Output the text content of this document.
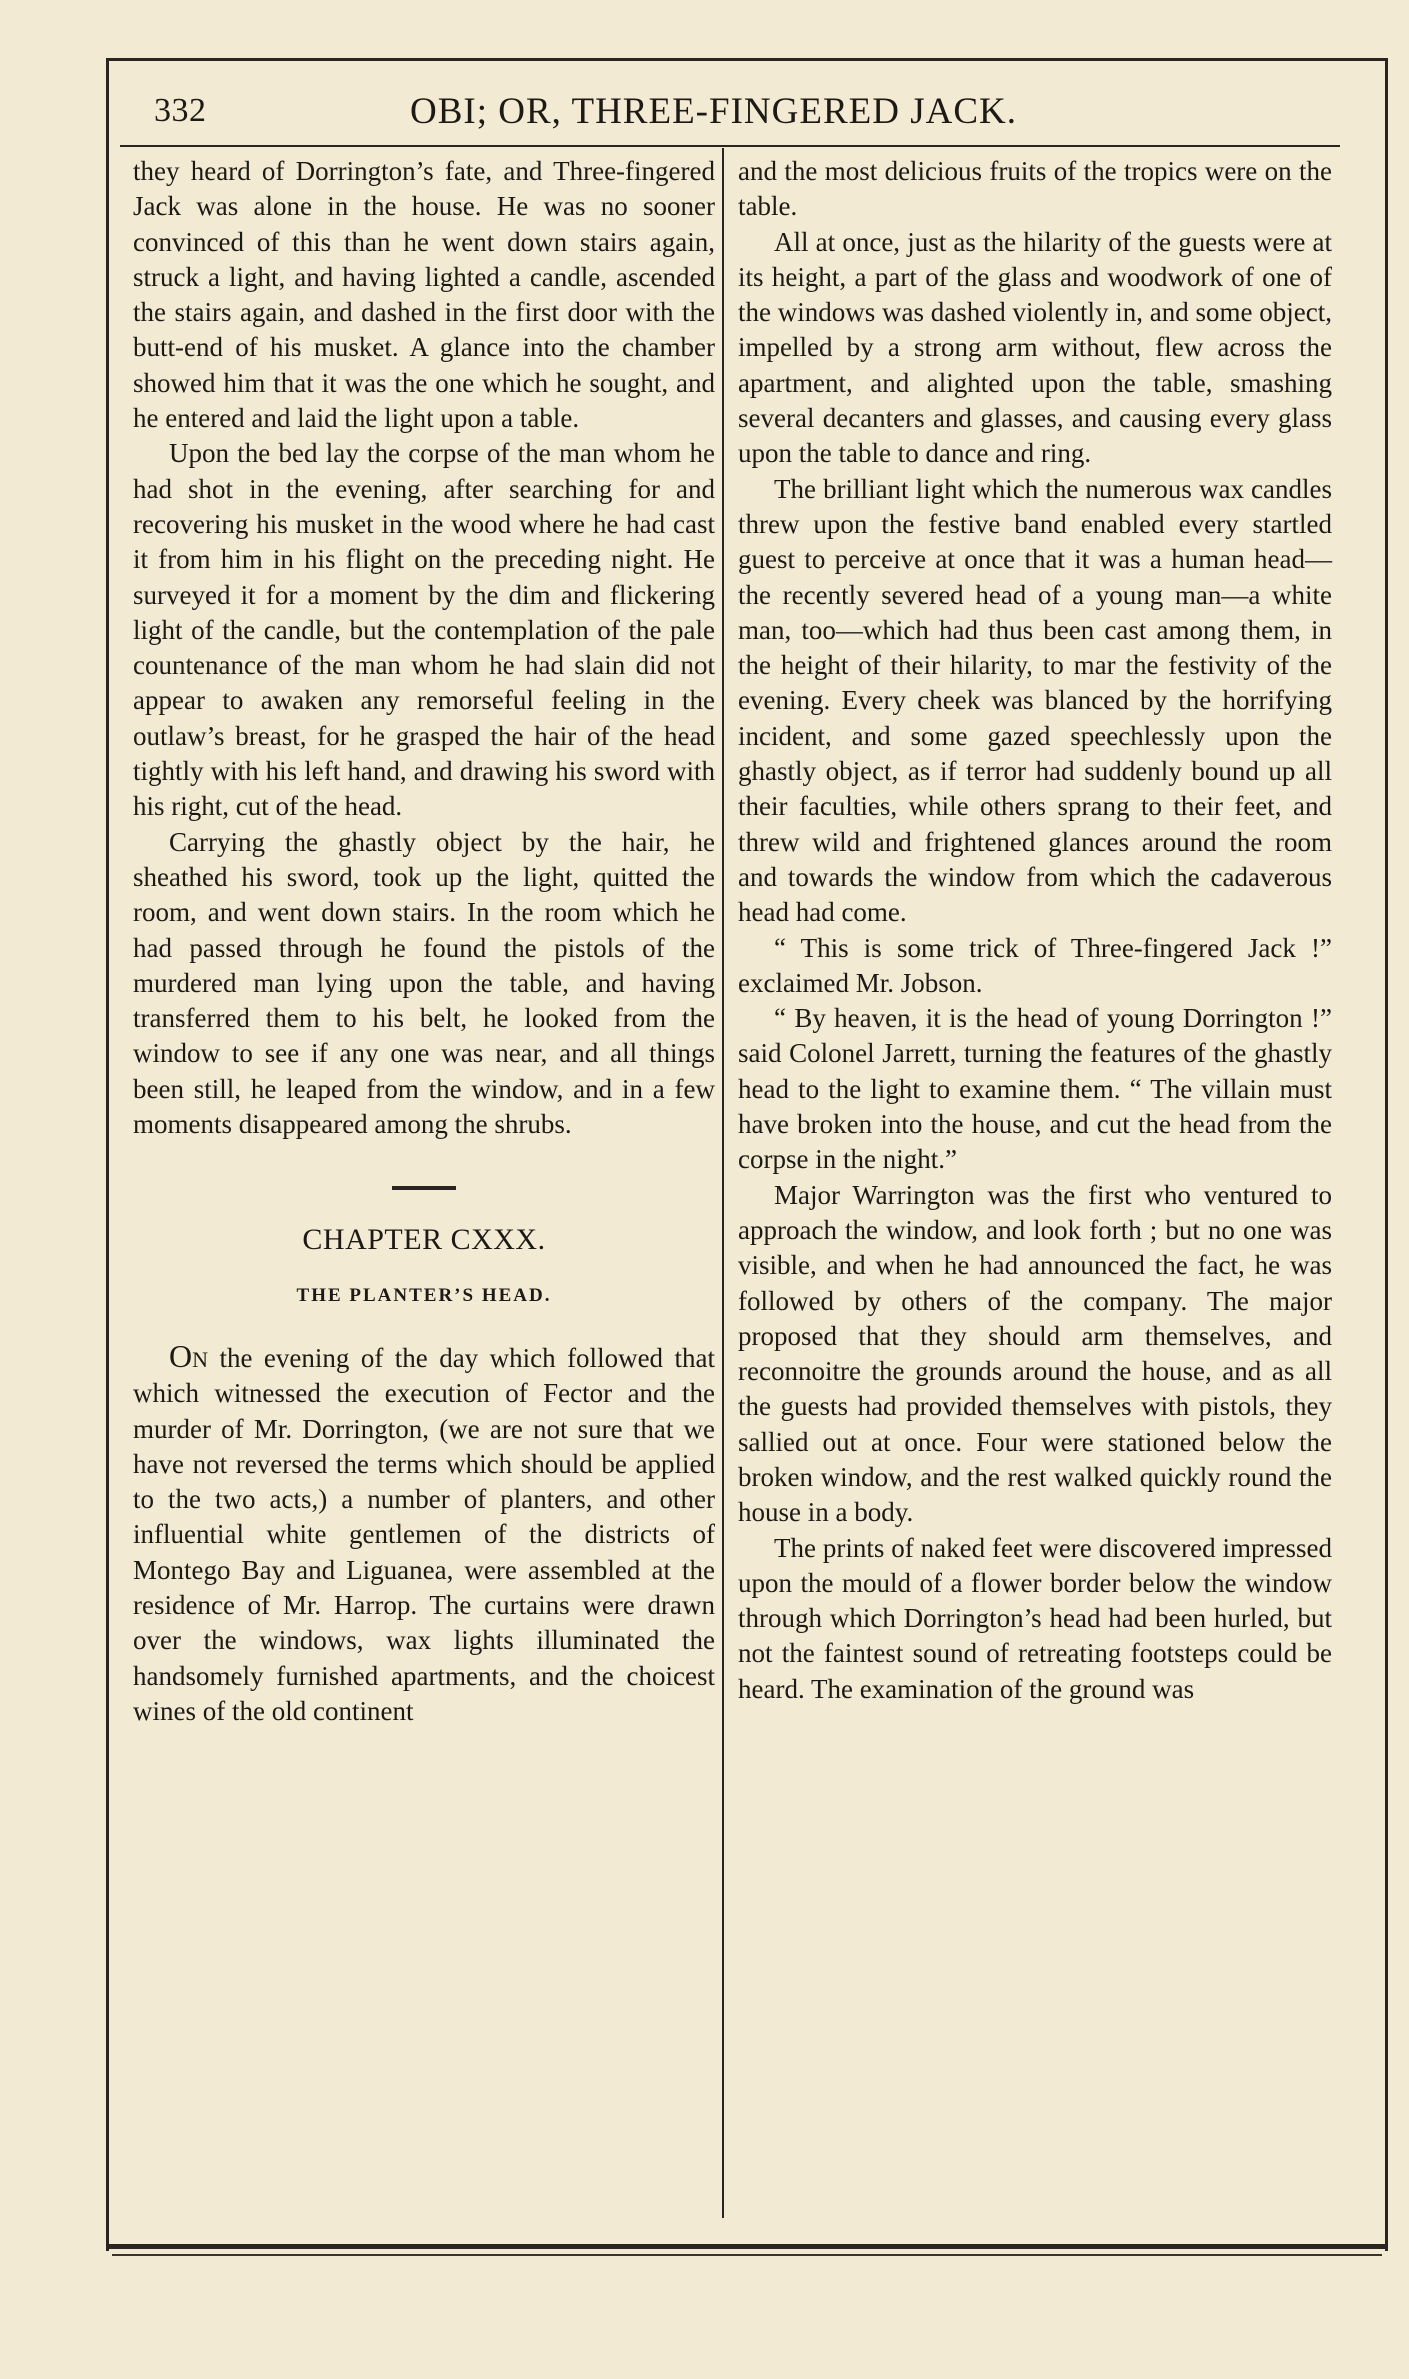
332	OBI; OR, THREE-FINGERED JACK.

they heard of Dorrington’s fate, and Three-fingered Jack was alone in the house. He was no sooner convinced of this than he went down stairs again, struck a light, and having lighted a candle, ascended the stairs again, and dashed in the first door with the butt-end of his musket. A glance into the chamber showed him that it was the one which he sought, and he entered and laid the light upon a table.

Upon the bed lay the corpse of the man whom he had shot in the evening, after searching for and recovering his musket in the wood where he had cast it from him in his flight on the preceding night. He surveyed it for a moment by the dim and flickering light of the candle, but the contemplation of the pale countenance of the man whom he had slain did not appear to awaken any remorseful feeling in the outlaw’s breast, for he grasped the hair of the head tightly with his left hand, and drawing his sword with his right, cut of the head.

Carrying the ghastly object by the hair, he sheathed his sword, took up the light, quitted the room, and went down stairs. In the room which he had passed through he found the pistols of the murdered man lying upon the table, and having transferred them to his belt, he looked from the window to see if any one was near, and all things been still, he leaped from the window, and in a few moments disappeared among the shrubs.

CHAPTER CXXX.
THE PLANTER’S HEAD.

On the evening of the day which followed that which witnessed the execution of Fector and the murder of Mr. Dorrington, (we are not sure that we have not reversed the terms which should be applied to the two acts,) a number of planters, and other influential white gentlemen of the districts of Montego Bay and Liguanea, were assembled at the residence of Mr. Harrop. The curtains were drawn over the windows, wax lights illuminated the handsomely furnished apartments, and the choicest wines of the old continent

and the most delicious fruits of the tropics were on the table.

All at once, just as the hilarity of the guests were at its height, a part of the glass and woodwork of one of the windows was dashed violently in, and some object, impelled by a strong arm without, flew across the apartment, and alighted upon the table, smashing several decanters and glasses, and causing every glass upon the table to dance and ring.

The brilliant light which the numerous wax candles threw upon the festive band enabled every startled guest to perceive at once that it was a human head—the recently severed head of a young man—a white man, too—which had thus been cast among them, in the height of their hilarity, to mar the festivity of the evening. Every cheek was blanced by the horrifying incident, and some gazed speechlessly upon the ghastly object, as if terror had suddenly bound up all their faculties, while others sprang to their feet, and threw wild and frightened glances around the room and towards the window from which the cadaverous head had come.

“ This is some trick of Three-fingered Jack !” exclaimed Mr. Jobson.

“ By heaven, it is the head of young Dorrington !” said Colonel Jarrett, turning the features of the ghastly head to the light to examine them. “ The villain must have broken into the house, and cut the head from the corpse in the night.”

Major Warrington was the first who ventured to approach the window, and look forth ; but no one was visible, and when he had announced the fact, he was followed by others of the company. The major proposed that they should arm themselves, and reconnoitre the grounds around the house, and as all the guests had provided themselves with pistols, they sallied out at once. Four were stationed below the broken window, and the rest walked quickly round the house in a body.

The prints of naked feet were discovered impressed upon the mould of a flower border below the window through which Dorrington’s head had been hurled, but not the faintest sound of retreating footsteps could be heard. The examination of the ground was
